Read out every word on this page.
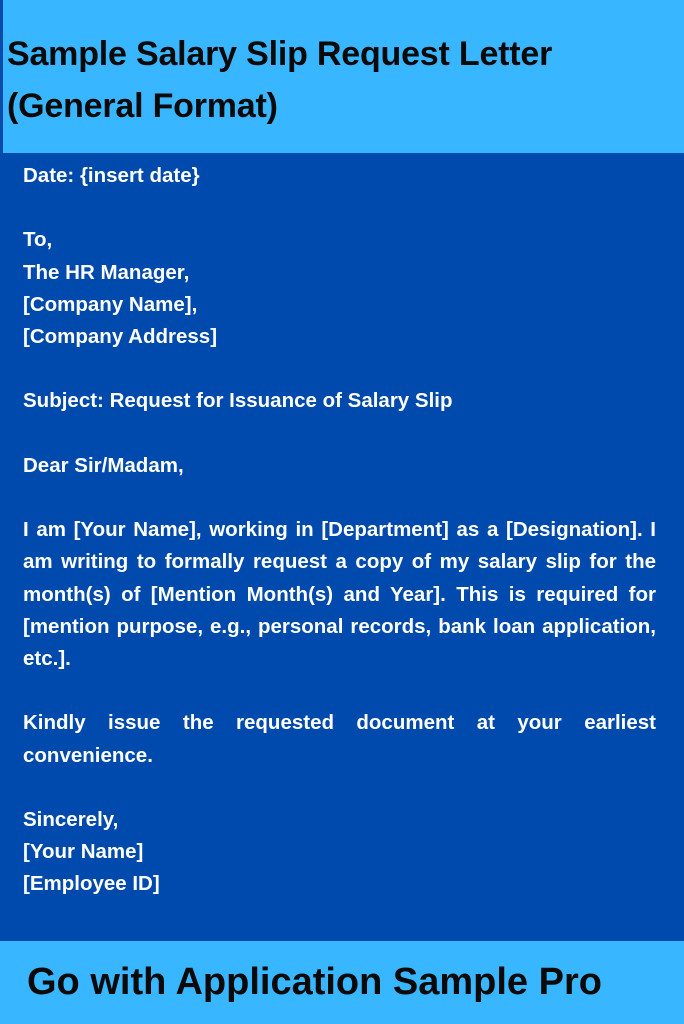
Sample Salary Slip Request Letter
(General Format)

Date: {insert date}

To,
The HR Manager,
[Company Name],
[Company Address]

Subject: Request for Issuance of Salary Slip

Dear Sir/Madam,

I am [Your Name], working in [Department] as a [Designation]. I am writing to formally request a copy of my salary slip for the month(s) of [Mention Month(s) and Year]. This is required for [mention purpose, e.g., personal records, bank loan application, etc.].

Kindly issue the requested document at your earliest convenience.

Sincerely,
[Your Name]
[Employee ID]

Go with Application Sample Pro
